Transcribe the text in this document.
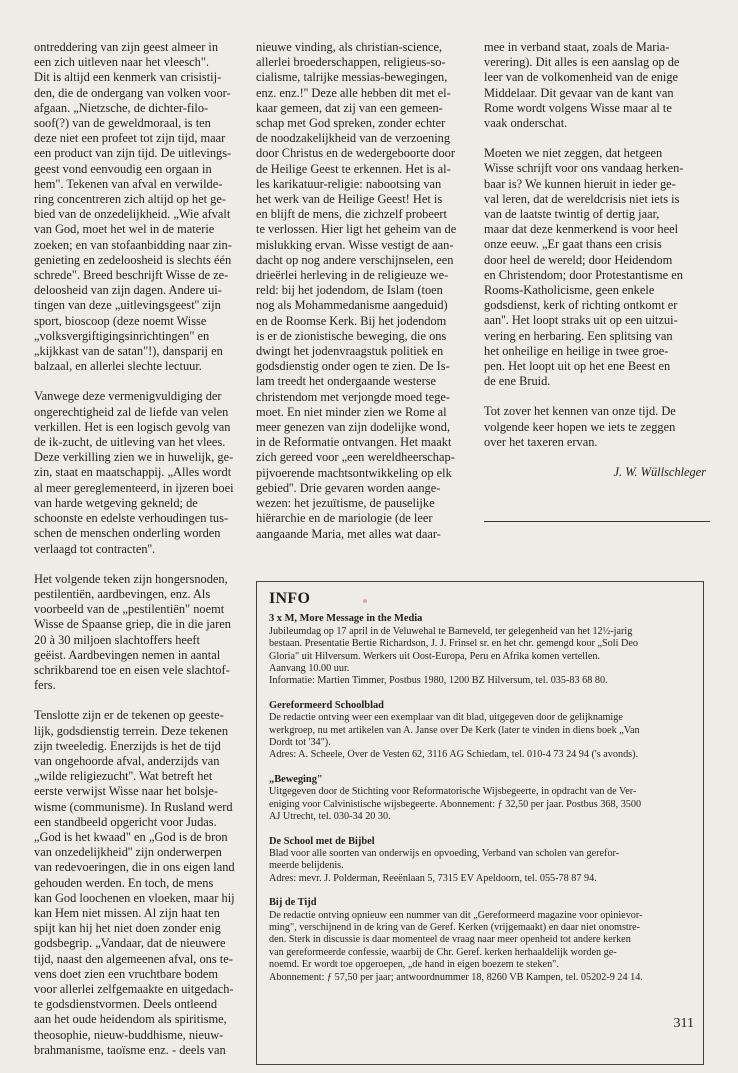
ontreddering van zijn geest almeer in
een zich uitleven naar het vleesch".
Dit is altijd een kenmerk van crisistij-
den, die de ondergang van volken voor-
afgaan. „Nietzsche, de dichter-filo-
soof(?) van de geweldmoraal, is ten
deze niet een profeet tot zijn tijd, maar
een product van zijn tijd. De uitlevings-
geest vond eenvoudig een orgaan in
hem". Tekenen van afval en verwilde-
ring concentreren zich altijd op het ge-
bied van de onzedelijkheid. „Wie afvalt
van God, moet het wel in de materie
zoeken; en van stofaanbidding naar zin-
genieting en zedeloosheid is slechts één
schrede". Breed beschrijft Wisse de ze-
deloosheid van zijn dagen. Andere ui-
tingen van deze „uitlevingsgeest'' zijn
sport, bioscoop (deze noemt Wisse
„volksvergiftigingsinrichtingen" en
„kijkkast van de satan"!), dansparij en
balzaal, en allerlei slechte lectuur.

Vanwege deze vermenigvuldiging der
ongerechtigheid zal de liefde van velen
verkillen. Het is een logisch gevolg van
de ik-zucht, de uitleving van het vlees.
Deze verkilling zien we in huwelijk, ge-
zin, staat en maatschappij. „Alles wordt
al meer gereglementeerd, in ijzeren boei
van harde wetgeving gekneld; de
schoonste en edelste verhoudingen tus-
schen de menschen onderling worden
verlaagd tot contracten''.

Het volgende teken zijn hongersnoden,
pestilentiën, aardbevingen, enz. Als
voorbeeld van de „pestilentiën" noemt
Wisse de Spaanse griep, die in die jaren
20 à 30 miljoen slachtoffers heeft
geëist. Aardbevingen nemen in aantal
schrikbarend toe en eisen vele slachtof-
fers.

Tenslotte zijn er de tekenen op geeste-
lijk, godsdienstig terrein. Deze tekenen
zijn tweeledig. Enerzijds is het de tijd
van ongehoorde afval, anderzijds van
„wilde religiezucht''. Wat betreft het
eerste verwijst Wisse naar het bolsje-
wisme (communisme). In Rusland werd
een standbeeld opgericht voor Judas.
„God is het kwaad" en „God is de bron
van onzedelijkheid'' zijn onderwerpen
van redevoeringen, die in ons eigen land
gehouden werden. En toch, de mens
kan God loochenen en vloeken, maar hij
kan Hem niet missen. Al zijn haat ten
spijt kan hij het niet doen zonder enig
godsbegrip. „Vandaar, dat de nieuwere
tijd, naast den algemeenen afval, ons te-
vens doet zien een vruchtbare bodem
voor allerlei zelfgemaakte en uitgedach-
te godsdienstvormen. Deels ontleend
aan het oude heidendom als spiritisme,
theosophie, nieuw-buddhisme, nieuw-
brahmanisme, taoïsme enz. - deels van

nieuwe vinding, als christian-science,
allerlei broederschappen, religieus-so-
cialisme, talrijke messias-bewegingen,
enz. enz.!'' Deze alle hebben dit met el-
kaar gemeen, dat zij van een gemeen-
schap met God spreken, zonder echter
de noodzakelijkheid van de verzoening
door Christus en de wedergeboorte door
de Heilige Geest te erkennen. Het is al-
les karikatuur-religie: nabootsing van
het werk van de Heilige Geest! Het is
en blijft de mens, die zichzelf probeert
te verlossen. Hier ligt het geheim van de
mislukking ervan. Wisse vestigt de aan-
dacht op nog andere verschijnselen, een
drieërlei herleving in de religieuze we-
reld: bij het jodendom, de Islam (toen
nog als Mohammedanisme aangeduid)
en de Roomse Kerk. Bij het jodendom
is er de zionistische beweging, die ons
dwingt het jodenvraagstuk politiek en
godsdienstig onder ogen te zien. De Is-
lam treedt het ondergaande westerse
christendom met verjongde moed tege-
moet. En niet minder zien we Rome al
meer genezen van zijn dodelijke wond,
in de Reformatie ontvangen. Het maakt
zich gereed voor „een wereldheerschap-
pijvoerende machtsontwikkeling op elk
gebied''. Drie gevaren worden aange-
wezen: het jezuïtisme, de pauselijke
hiërarchie en de mariologie (de leer
aangaande Maria, met alles wat daar-

mee in verband staat, zoals de Maria-
verering). Dit alles is een aanslag op de
leer van de volkomenheid van de enige
Middelaar. Dit gevaar van de kant van
Rome wordt volgens Wisse maar al te
vaak onderschat.

Moeten we niet zeggen, dat hetgeen
Wisse schrijft voor ons vandaag herken-
baar is? We kunnen hieruit in ieder ge-
val leren, dat de wereldcrisis niet iets is
van de laatste twintig of dertig jaar,
maar dat deze kenmerkend is voor heel
onze eeuw. „Er gaat thans een crisis
door heel de wereld; door Heidendom
en Christendom; door Protestantisme en
Rooms-Katholicisme, geen enkele
godsdienst, kerk of richting ontkomt er
aan''. Het loopt straks uit op een uitzui-
vering en herbaring. Een splitsing van
het onheilige en heilige in twee groe-
pen. Het loopt uit op het ene Beest en
de ene Bruid.

Tot zover het kennen van onze tijd. De
volgende keer hopen we iets te zeggen
over het taxeren ervan.

J. W. Wüllschleger
INFO
3 x M, More Message in the Media
Jubileumdag op 17 april in de Veluwehal te Barneveld, ter gelegenheid van het 12½-jarig
bestaan. Presentatie Bertie Richardson, J. J. Frinsel sr. en het chr. gemengd koor „Soli Deo
Gloria" uit Hilversum. Werkers uit Oost-Europa, Peru en Afrika komen vertellen.
Aanvang 10.00 uur.
Informatie: Martien Timmer, Postbus 1980, 1200 BZ Hilversum, tel. 035-83 68 80.
Gereformeerd Schoolblad
De redactie ontving weer een exemplaar van dit blad, uitgegeven door de gelijknamige
werkgroep, nu met artikelen van A. Janse over De Kerk (later te vinden in diens boek „Van
Dordt tot '34").
Adres: A. Scheele, Over de Vesten 62, 3116 AG Schiedam, tel. 010-4 73 24 94 ('s avonds).
„Beweging"
Uitgegeven door de Stichting voor Reformatorische Wijsbegeerte, in opdracht van de Ver-
eniging voor Calvinistische wijsbegeerte. Abonnement: ƒ 32,50 per jaar. Postbus 368, 3500
AJ Utrecht, tel. 030-34 20 30.
De School met de Bijbel
Blad voor alle soorten van onderwijs en opvoeding, Verband van scholen van gerefor-
meerde belijdenis.
Adres: mevr. J. Polderman, Reeënlaan 5, 7315 EV Apeldoorn, tel. 055-78 87 94.
Bij de Tijd
De redactie ontving opnieuw een nummer van dit „Gereformeerd magazine voor opinievor-
ming", verschijnend in de kring van de Geref. Kerken (vrijgemaakt) en daar niet onomstre-
den. Sterk in discussie is daar momenteel de vraag naar meer openheid tot andere kerken
van gereformeerde confessie, waarbij de Chr. Geref. kerken herhaaldelijk worden ge-
noemd. Er wordt toe opgeroepen, „de hand in eigen boezem te steken".
Abonnement: ƒ 57,50 per jaar; antwoordnummer 18, 8260 VB Kampen, tel. 05202-9 24 14.
311
